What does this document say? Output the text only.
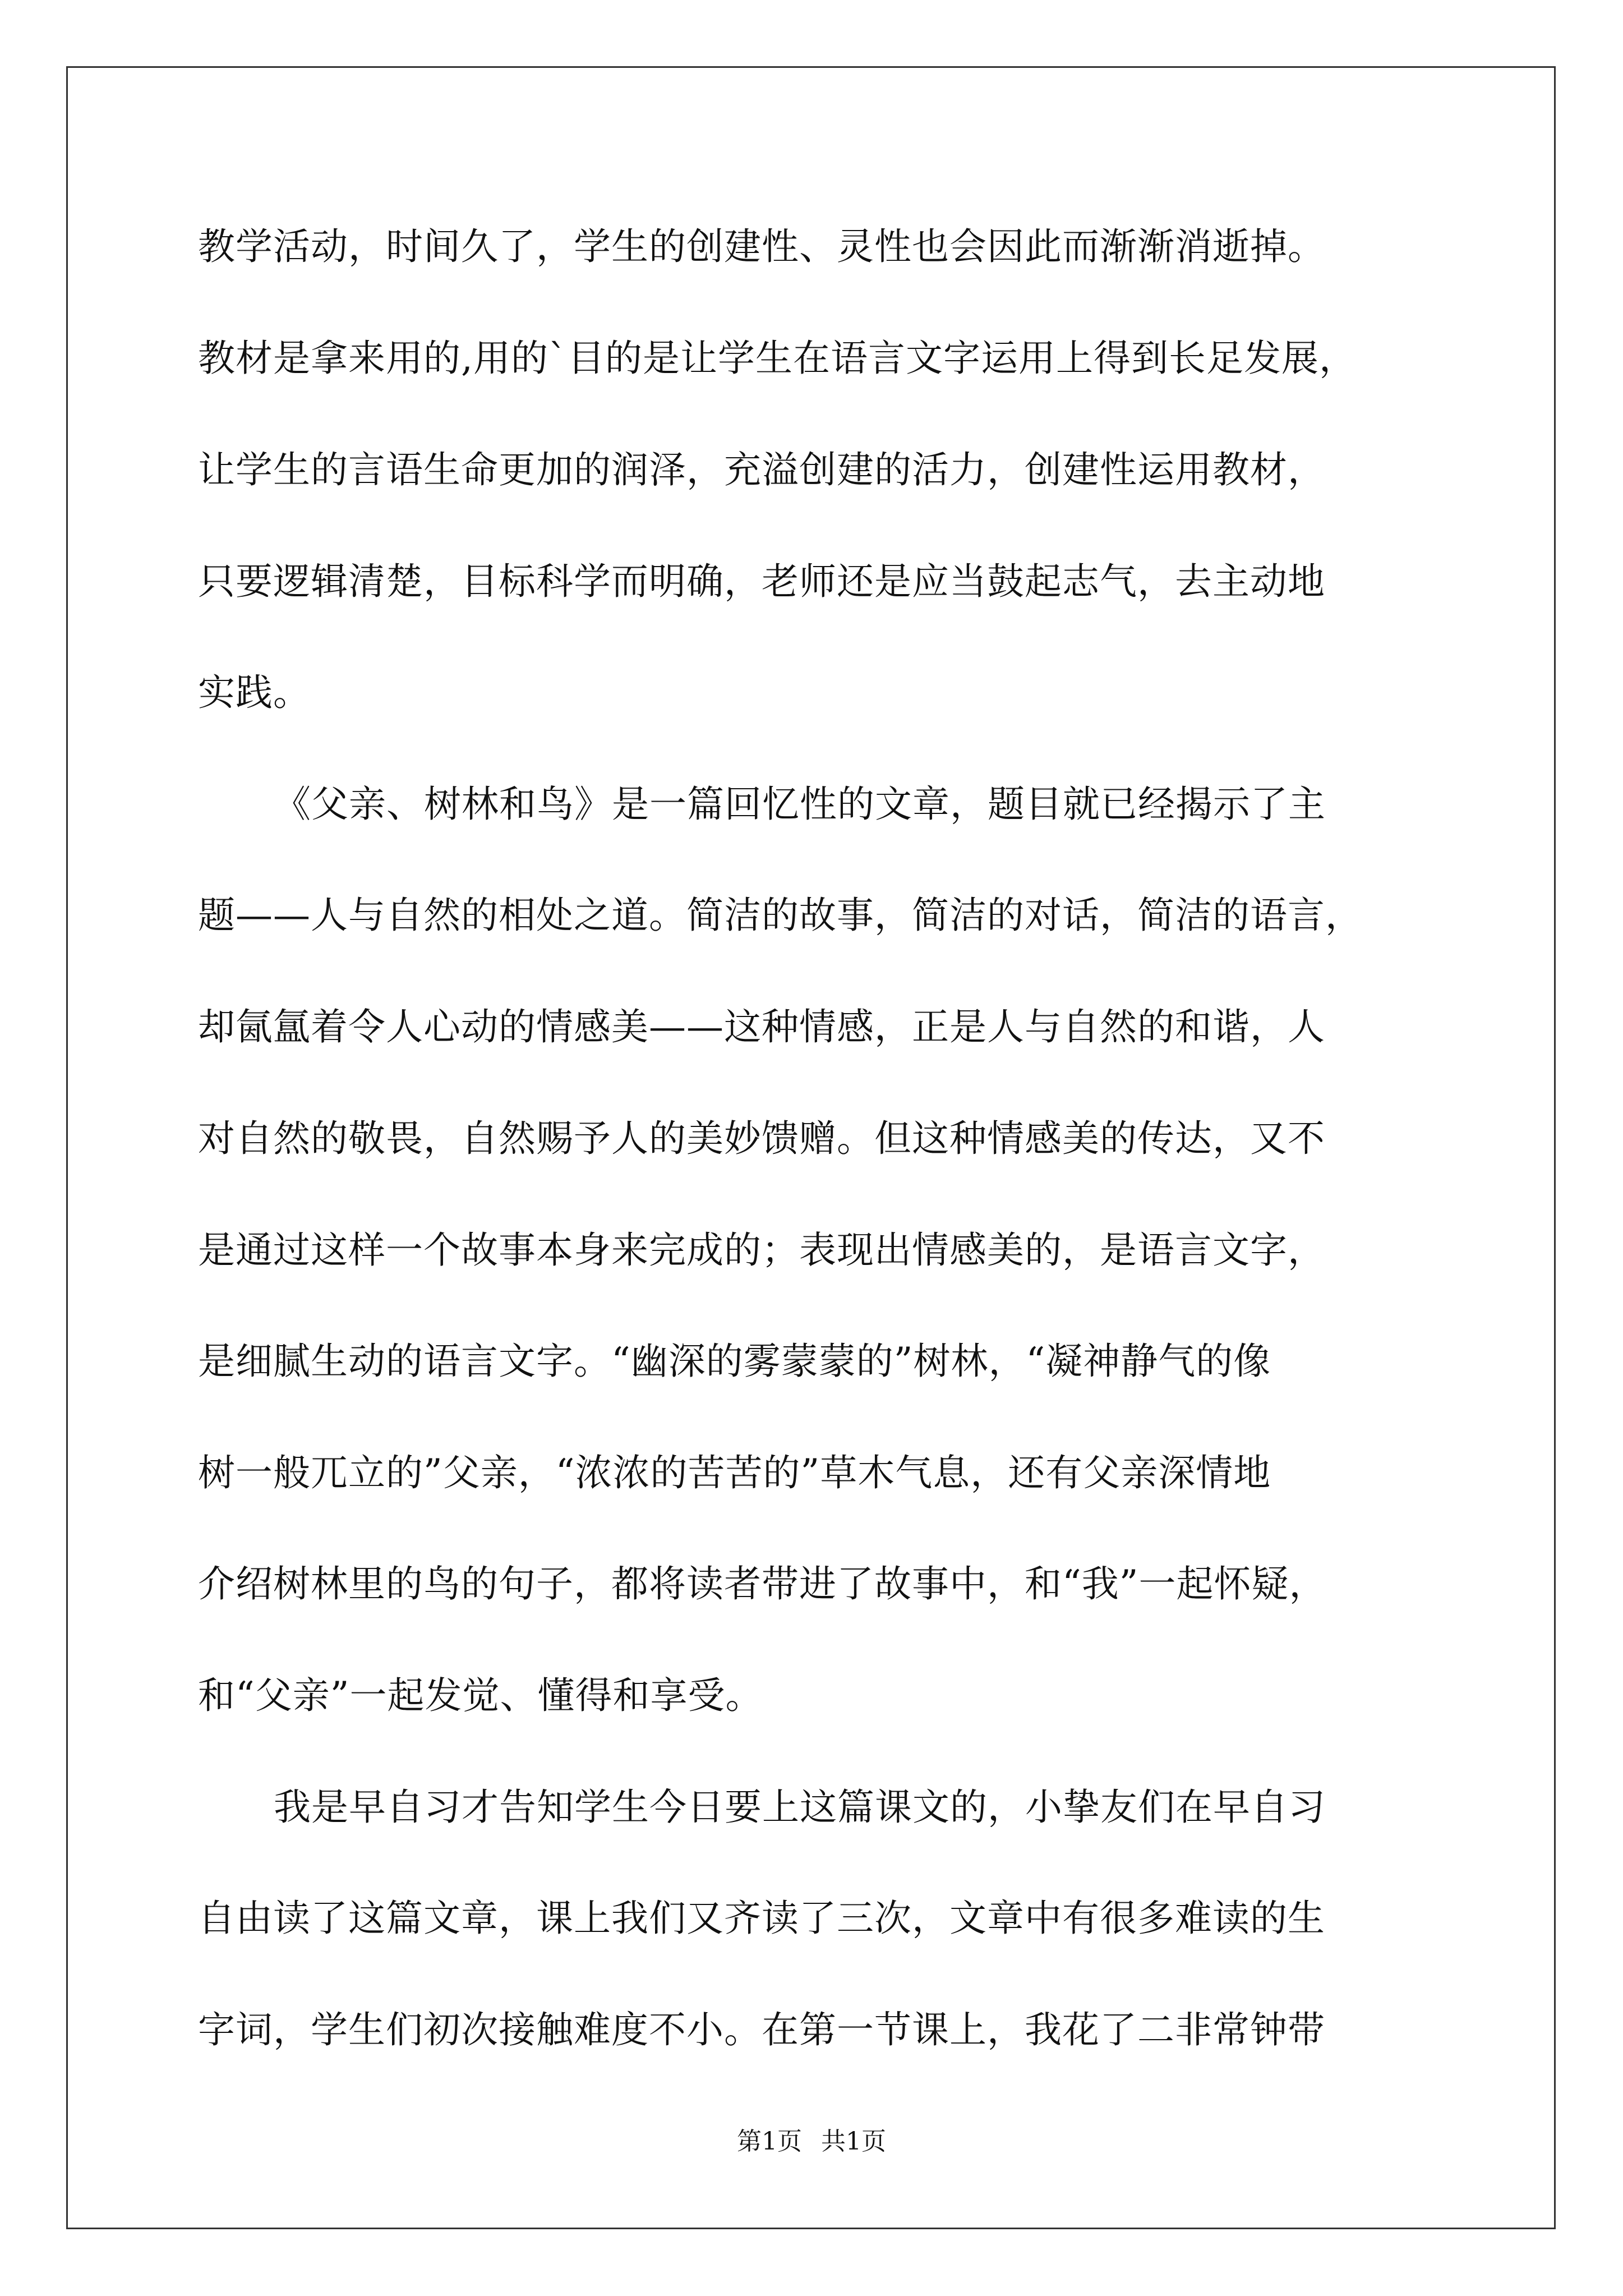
教学活动，时间久了，学生的创建性、灵性也会因此而渐渐消逝掉。
教材是拿来用的,用的`目的是让学生在语言文字运用上得到长足发展，
让学生的言语生命更加的润泽，充溢创建的活力，创建性运用教材，
只要逻辑清楚，目标科学而明确，老师还是应当鼓起志气，去主动地
实践。
《父亲、树林和鸟》是一篇回忆性的文章，题目就已经揭示了主
题——人与自然的相处之道。简洁的故事，简洁的对话，简洁的语言，
却氤氲着令人心动的情感美——这种情感，正是人与自然的和谐，人
对自然的敬畏，自然赐予人的美妙馈赠。但这种情感美的传达，又不
是通过这样一个故事本身来完成的；表现出情感美的，是语言文字，
是细腻生动的语言文字。“幽深的雾蒙蒙的”树林，“凝神静气的像
树一般兀立的”父亲，“浓浓的苦苦的”草木气息，还有父亲深情地
介绍树林里的鸟的句子，都将读者带进了故事中，和“我”一起怀疑，
和“父亲”一起发觉、懂得和享受。
我是早自习才告知学生今日要上这篇课文的，小挚友们在早自习
自由读了这篇文章，课上我们又齐读了三次，文章中有很多难读的生
字词，学生们初次接触难度不小。在第一节课上，我花了二非常钟带
第1页 共1页
